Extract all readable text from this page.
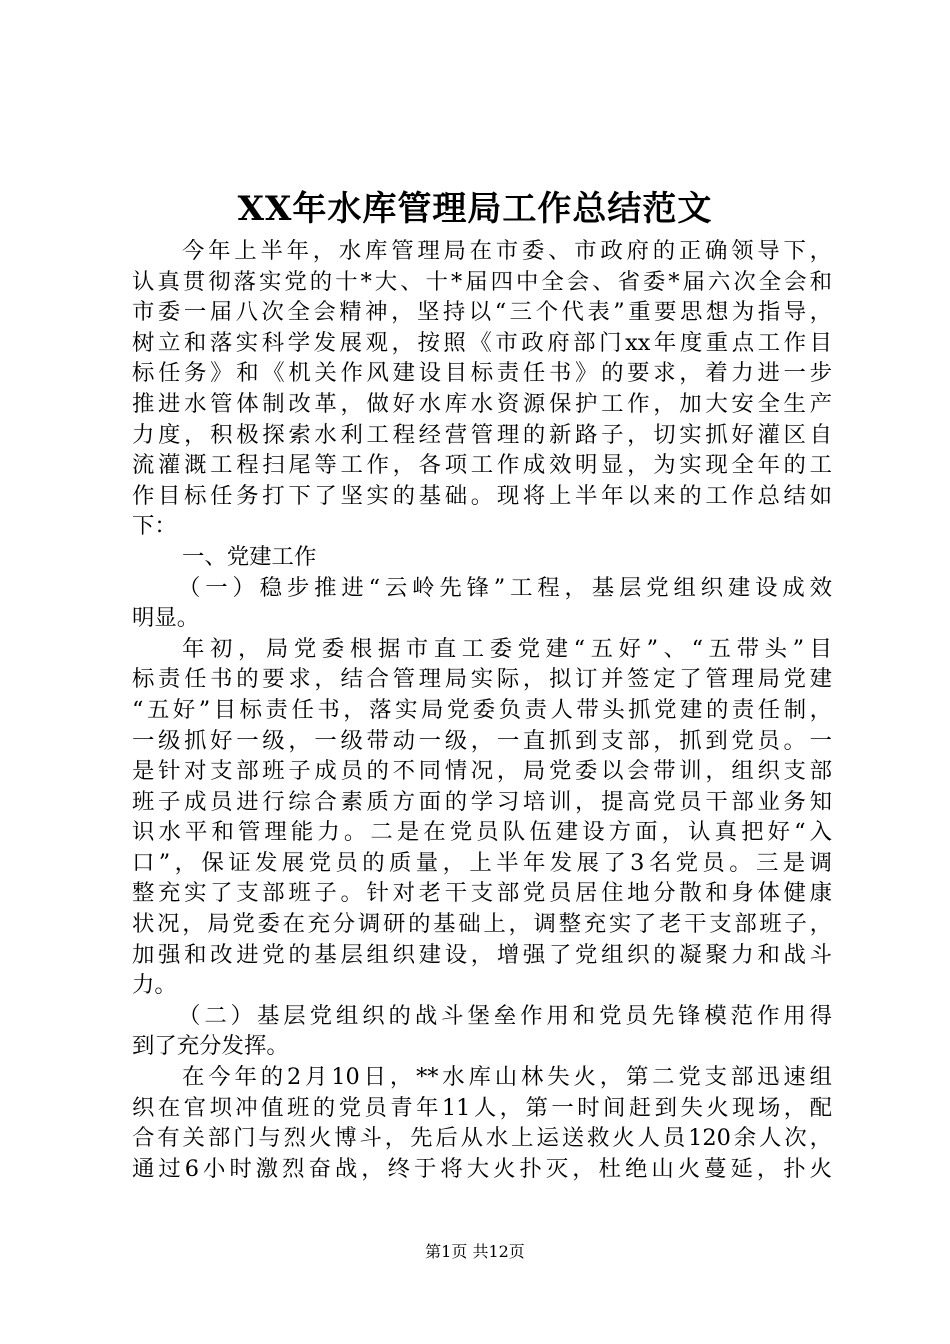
XX年水库管理局工作总结范文
今年上半年，水库管理局在市委、市政府的正确领导下，
认真贯彻落实党的十*大、十*届四中全会、省委*届六次全会和
市委一届八次全会精神，坚持以“三个代表”重要思想为指导，
树立和落实科学发展观，按照《市政府部门xx年度重点工作目
标任务》和《机关作风建设目标责任书》的要求，着力进一步
推进水管体制改革，做好水库水资源保护工作，加大安全生产
力度，积极探索水利工程经营管理的新路子，切实抓好灌区自
流灌溉工程扫尾等工作，各项工作成效明显，为实现全年的工
作目标任务打下了坚实的基础。现将上半年以来的工作总结如
下：
一、党建工作
（一）稳步推进“云岭先锋”工程，基层党组织建设成效
明显。
年初，局党委根据市直工委党建“五好”、“五带头”目
标责任书的要求，结合管理局实际，拟订并签定了管理局党建
“五好”目标责任书，落实局党委负责人带头抓党建的责任制，
一级抓好一级，一级带动一级，一直抓到支部，抓到党员。一
是针对支部班子成员的不同情况，局党委以会带训，组织支部
班子成员进行综合素质方面的学习培训，提高党员干部业务知
识水平和管理能力。二是在党员队伍建设方面，认真把好“入
口”，保证发展党员的质量，上半年发展了3名党员。三是调
整充实了支部班子。针对老干支部党员居住地分散和身体健康
状况，局党委在充分调研的基础上，调整充实了老干支部班子，
加强和改进党的基层组织建设，增强了党组织的凝聚力和战斗
力。
（二）基层党组织的战斗堡垒作用和党员先锋模范作用得
到了充分发挥。
在今年的2月10日，**水库山林失火，第二党支部迅速组
织在官坝冲值班的党员青年11人，第一时间赶到失火现场，配
合有关部门与烈火博斗，先后从水上运送救火人员120余人次，
通过6小时激烈奋战，终于将大火扑灭，杜绝山火蔓延，扑火
第1页 共12页
